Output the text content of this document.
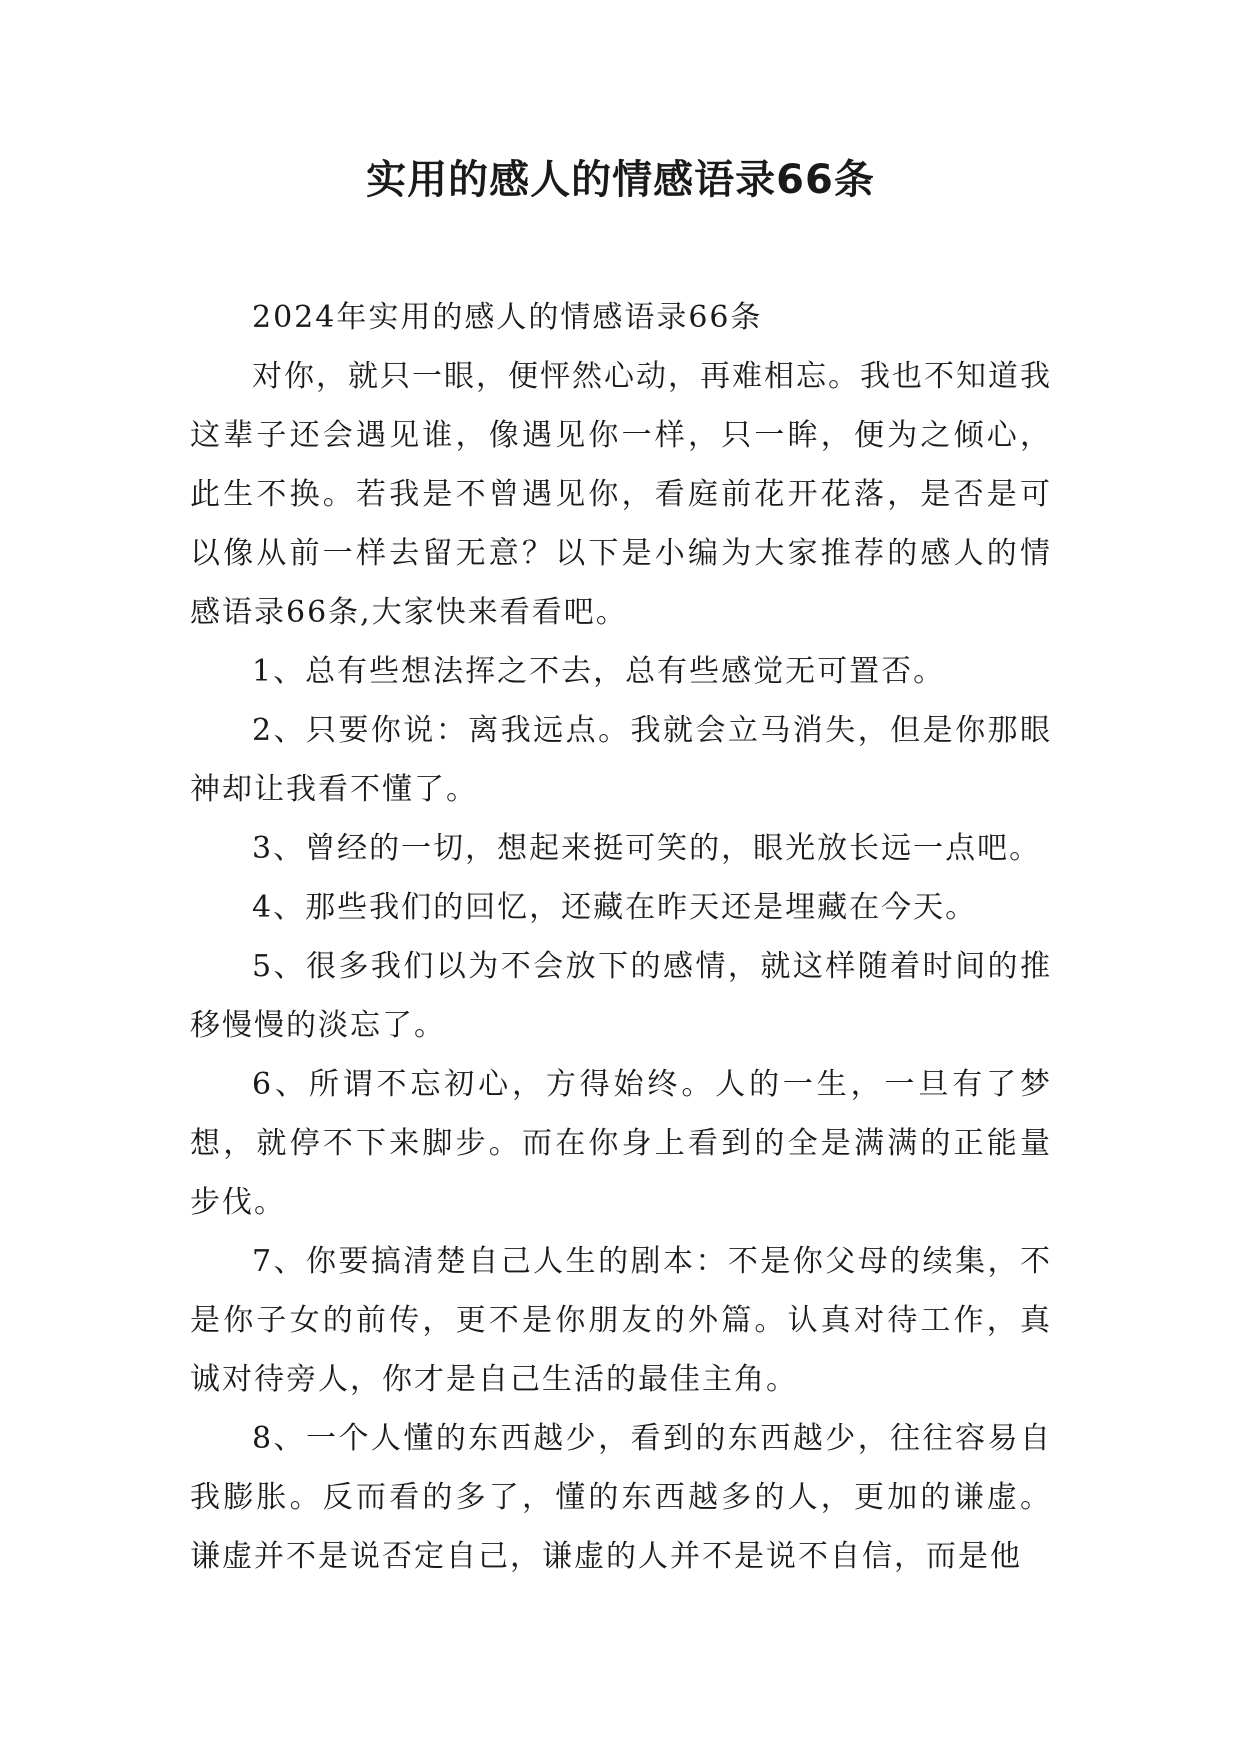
实用的感人的情感语录66条

2024年实用的感人的情感语录66条

对你，就只一眼，便怦然心动，再难相忘。我也不知道我这辈子还会遇见谁，像遇见你一样，只一眸，便为之倾心，此生不换。若我是不曾遇见你，看庭前花开花落，是否是可以像从前一样去留无意？以下是小编为大家推荐的感人的情感语录66条,大家快来看看吧。

1、总有些想法挥之不去，总有些感觉无可置否。

2、只要你说：离我远点。我就会立马消失，但是你那眼神却让我看不懂了。

3、曾经的一切，想起来挺可笑的，眼光放长远一点吧。

4、那些我们的回忆，还藏在昨天还是埋藏在今天。

5、很多我们以为不会放下的感情，就这样随着时间的推移慢慢的淡忘了。

6、所谓不忘初心，方得始终。人的一生，一旦有了梦想，就停不下来脚步。而在你身上看到的全是满满的正能量步伐。

7、你要搞清楚自己人生的剧本：不是你父母的续集，不是你子女的前传，更不是你朋友的外篇。认真对待工作，真诚对待旁人，你才是自己生活的最佳主角。

8、一个人懂的东西越少，看到的东西越少，往往容易自我膨胀。反而看的多了，懂的东西越多的人，更加的谦虚。谦虚并不是说否定自己，谦虚的人并不是说不自信，而是他
